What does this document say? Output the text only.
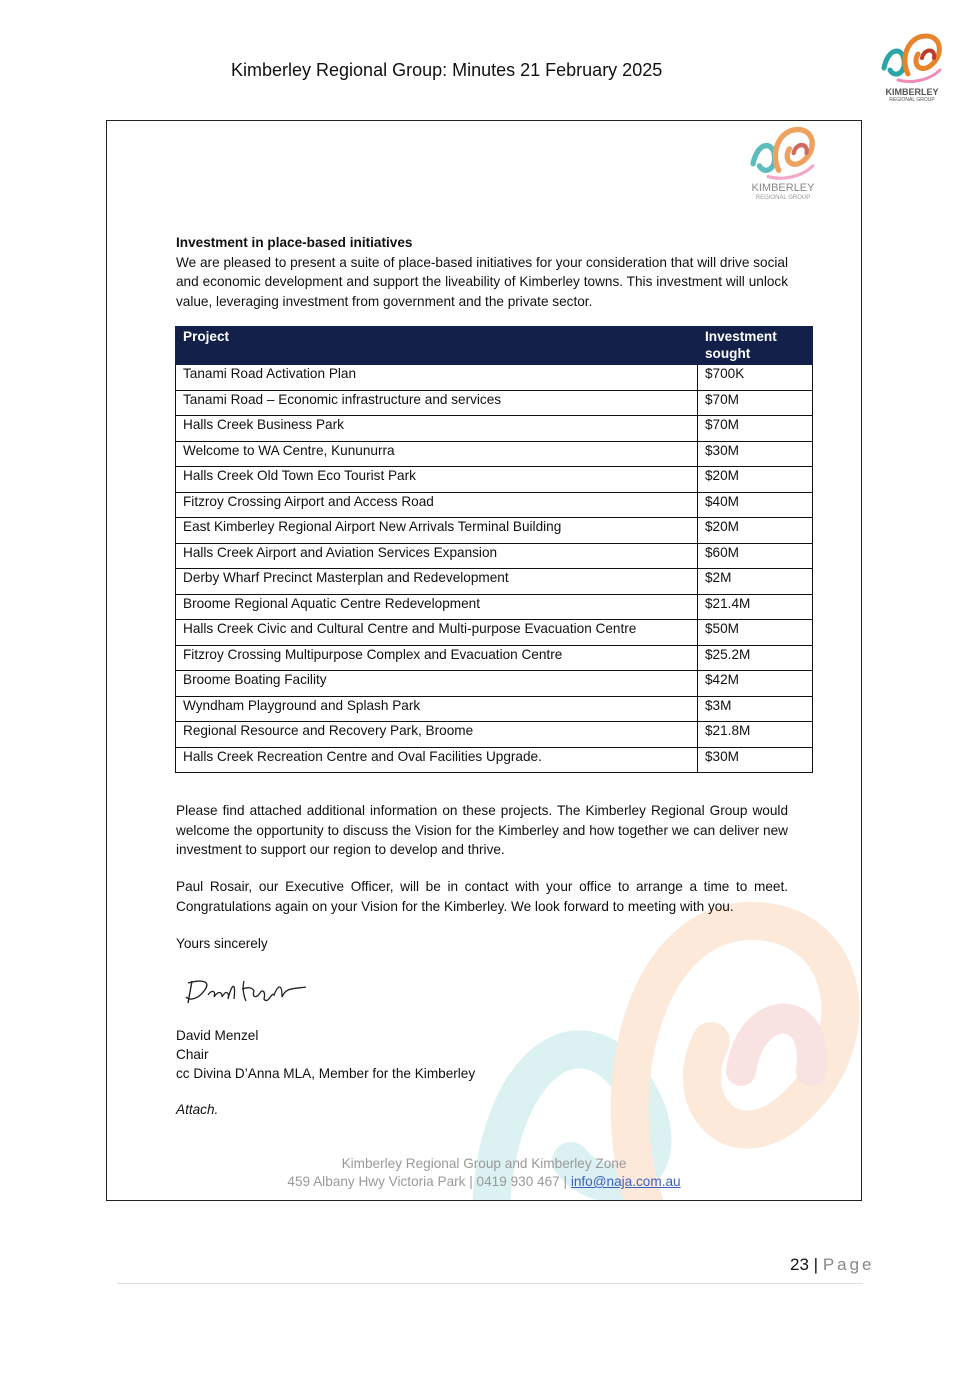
Kimberley Regional Group: Minutes 21 February 2025
KIMBERLEY
REGIONAL GROUP
KIMBERLEY
REGIONAL GROUP

Investment in place-based initiatives

We are pleased to present a suite of place-based initiatives for your consideration that will drive social and economic development and support the liveability of Kimberley towns. This investment will unlock value, leveraging investment from government and the private sector.

Project	Investment sought
Tanami Road Activation Plan	$700K
Tanami Road – Economic infrastructure and services	$70M
Halls Creek Business Park	$70M
Welcome to WA Centre, Kununurra	$30M
Halls Creek Old Town Eco Tourist Park	$20M
Fitzroy Crossing Airport and Access Road	$40M
East Kimberley Regional Airport New Arrivals Terminal Building	$20M
Halls Creek Airport and Aviation Services Expansion	$60M
Derby Wharf Precinct Masterplan and Redevelopment	$2M
Broome Regional Aquatic Centre Redevelopment	$21.4M
Halls Creek Civic and Cultural Centre and Multi-purpose Evacuation Centre	$50M
Fitzroy Crossing Multipurpose Complex and Evacuation Centre	$25.2M
Broome Boating Facility	$42M
Wyndham Playground and Splash Park	$3M
Regional Resource and Recovery Park, Broome	$21.8M
Halls Creek Recreation Centre and Oval Facilities Upgrade.	$30M

Please find attached additional information on these projects. The Kimberley Regional Group would welcome the opportunity to discuss the Vision for the Kimberley and how together we can deliver new investment to support our region to develop and thrive.

Paul Rosair, our Executive Officer, will be in contact with your office to arrange a time to meet. Congratulations again on your Vision for the Kimberley. We look forward to meeting with you.

Yours sincerely

David Menzel

Chair

cc Divina D’Anna MLA, Member for the Kimberley

Attach.

Kimberley Regional Group and Kimberley Zone
459 Albany Hwy Victoria Park | 0419 930 467 | info@naja.com.au
23 | Page
